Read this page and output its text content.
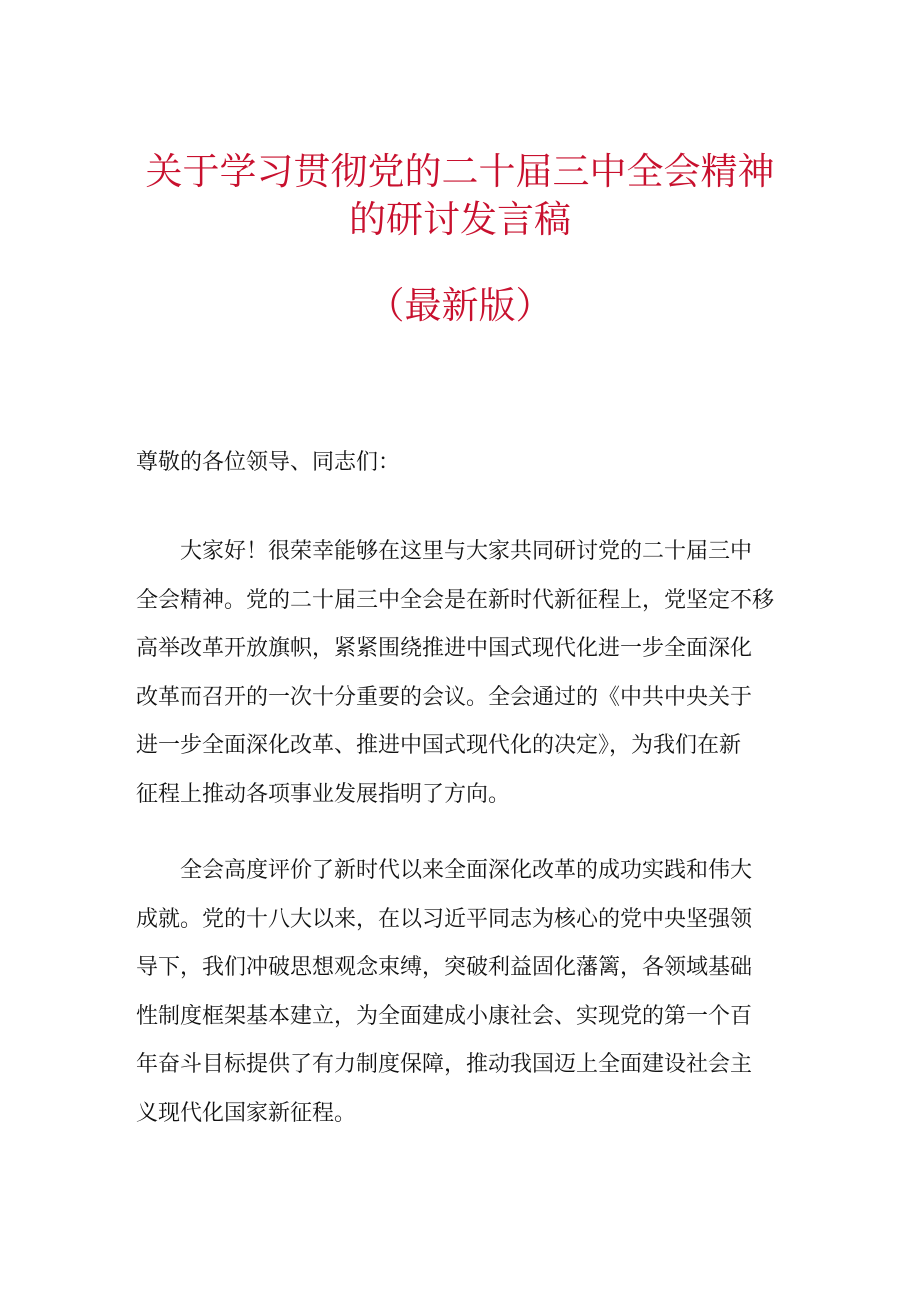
关于学习贯彻党的二十届三中全会精神
的研讨发言稿
（最新版）
尊敬的各位领导、同志们：
大家好！很荣幸能够在这里与大家共同研讨党的二十届三中
全会精神。党的二十届三中全会是在新时代新征程上，党坚定不移
高举改革开放旗帜，紧紧围绕推进中国式现代化进一步全面深化
改革而召开的一次十分重要的会议。全会通过的《中共中央关于
进一步全面深化改革、推进中国式现代化的决定》，为我们在新
征程上推动各项事业发展指明了方向。
全会高度评价了新时代以来全面深化改革的成功实践和伟大
成就。党的十八大以来，在以习近平同志为核心的党中央坚强领
导下，我们冲破思想观念束缚，突破利益固化藩篱，各领域基础
性制度框架基本建立，为全面建成小康社会、实现党的第一个百
年奋斗目标提供了有力制度保障，推动我国迈上全面建设社会主
义现代化国家新征程。
